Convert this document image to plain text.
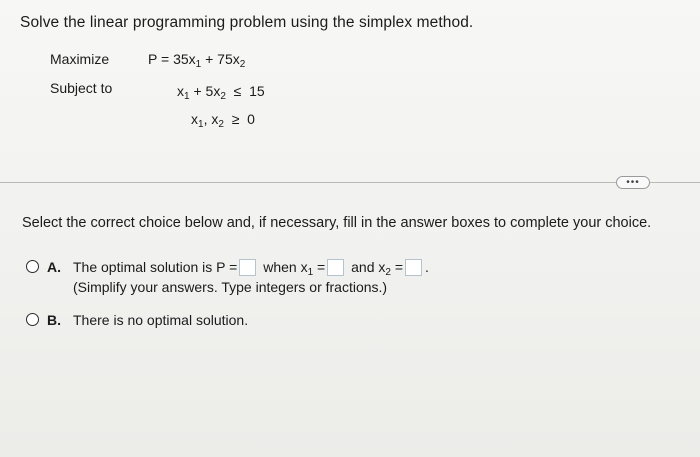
Solve the linear programming problem using the simplex method.
Maximize	$P = 35x_1 + 75x_2$
Subject to	$x_1 + 5x_2 \le 15$
$x_1$, $x_2 \ge 0$
•••
Select the correct choice below and, if necessary, fill in the answer boxes to complete your choice.
A. The optimal solution is P = when $x_1$ = and $x_2$ = .
(Simplify your answers. Type integers or fractions.)
B. There is no optimal solution.
